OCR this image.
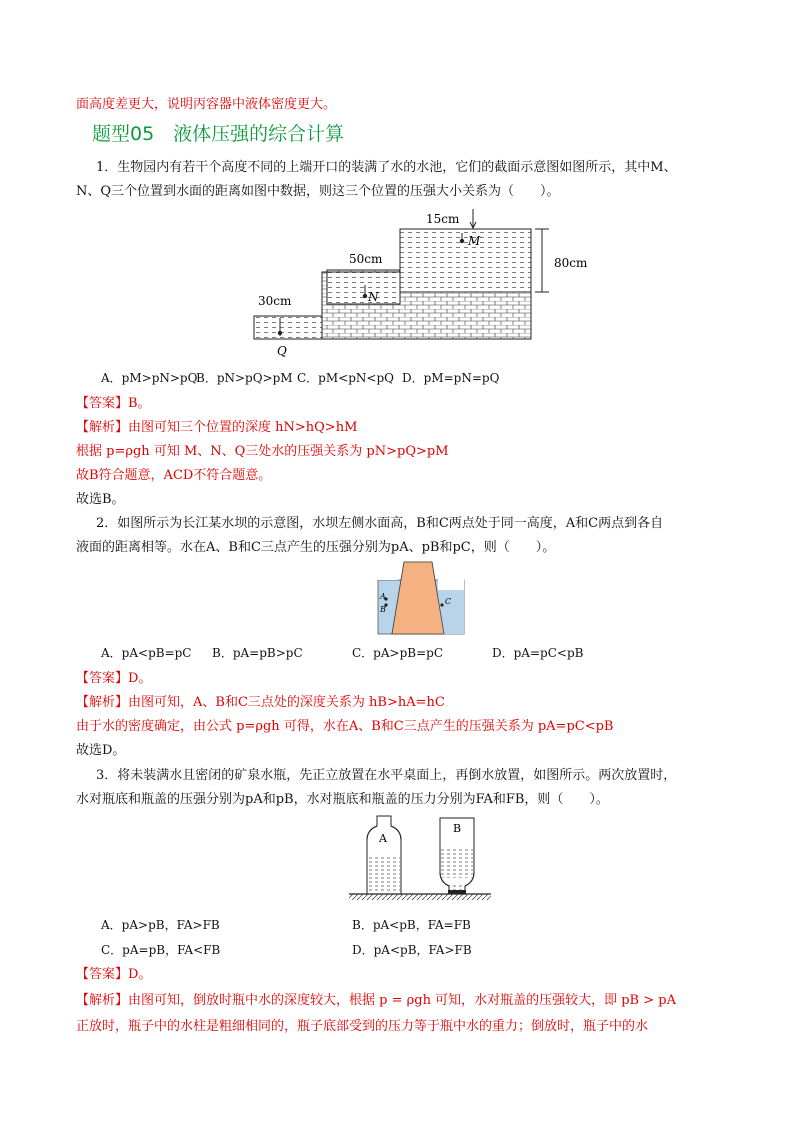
面高度差更大，说明丙容器中液体密度更大。
题型05　液体压强的综合计算
1．生物园内有若干个高度不同的上端开口的装满了水的水池，它们的截面示意图如图所示，其中M、
N、Q三个位置到水面的距离如图中数据，则这三个位置的压强大小关系为（　　）。
15cm
M
80cm
50cm
N
30cm
Q
A．pM>pN>pQ
B．pN>pQ>pM C．pM<pN<pQ D．pM=pN=pQ
【答案】B。
【解析】由图可知三个位置的深度 hN>hQ>hM
根据 p=ρgh 可知 M、N、Q三处水的压强关系为 pN>pQ>pM
故B符合题意，ACD不符合题意。
故选B。
2．如图所示为长江某水坝的示意图，水坝左侧水面高，B和C两点处于同一高度，A和C两点到各自
液面的距离相等。水在A、B和C三点产生的压强分别为pA、pB和pC，则（　　）。
A
B
C
A．pA<pB=pC B．pA=pB>pC	C．pA>pB=pC	D．pA=pC<pB
【答案】D。
【解析】由图可知，A、B和C三点处的深度关系为 hB>hA=hC
由于水的密度确定，由公式 p=ρgh 可得，水在A、B和C三点产生的压强关系为 pA=pC<pB
故选D。
3．将未装满水且密闭的矿泉水瓶，先正立放置在水平桌面上，再倒水放置，如图所示。两次放置时，
水对瓶底和瓶盖的压强分别为pA和pB，水对瓶底和瓶盖的压力分别为FA和FB，则（　　）。
A
B
A．pA>pB，FA>FB	B．pA<pB，FA=FB
C．pA=pB，FA<FB	D．pA<pB，FA>FB
【答案】D。
【解析】由图可知，倒放时瓶中水的深度较大，根据 p = ρgh 可知，水对瓶盖的压强较大，即 pB > pA
正放时，瓶子中的水柱是粗细相同的，瓶子底部受到的压力等于瓶中水的重力；倒放时，瓶子中的水
